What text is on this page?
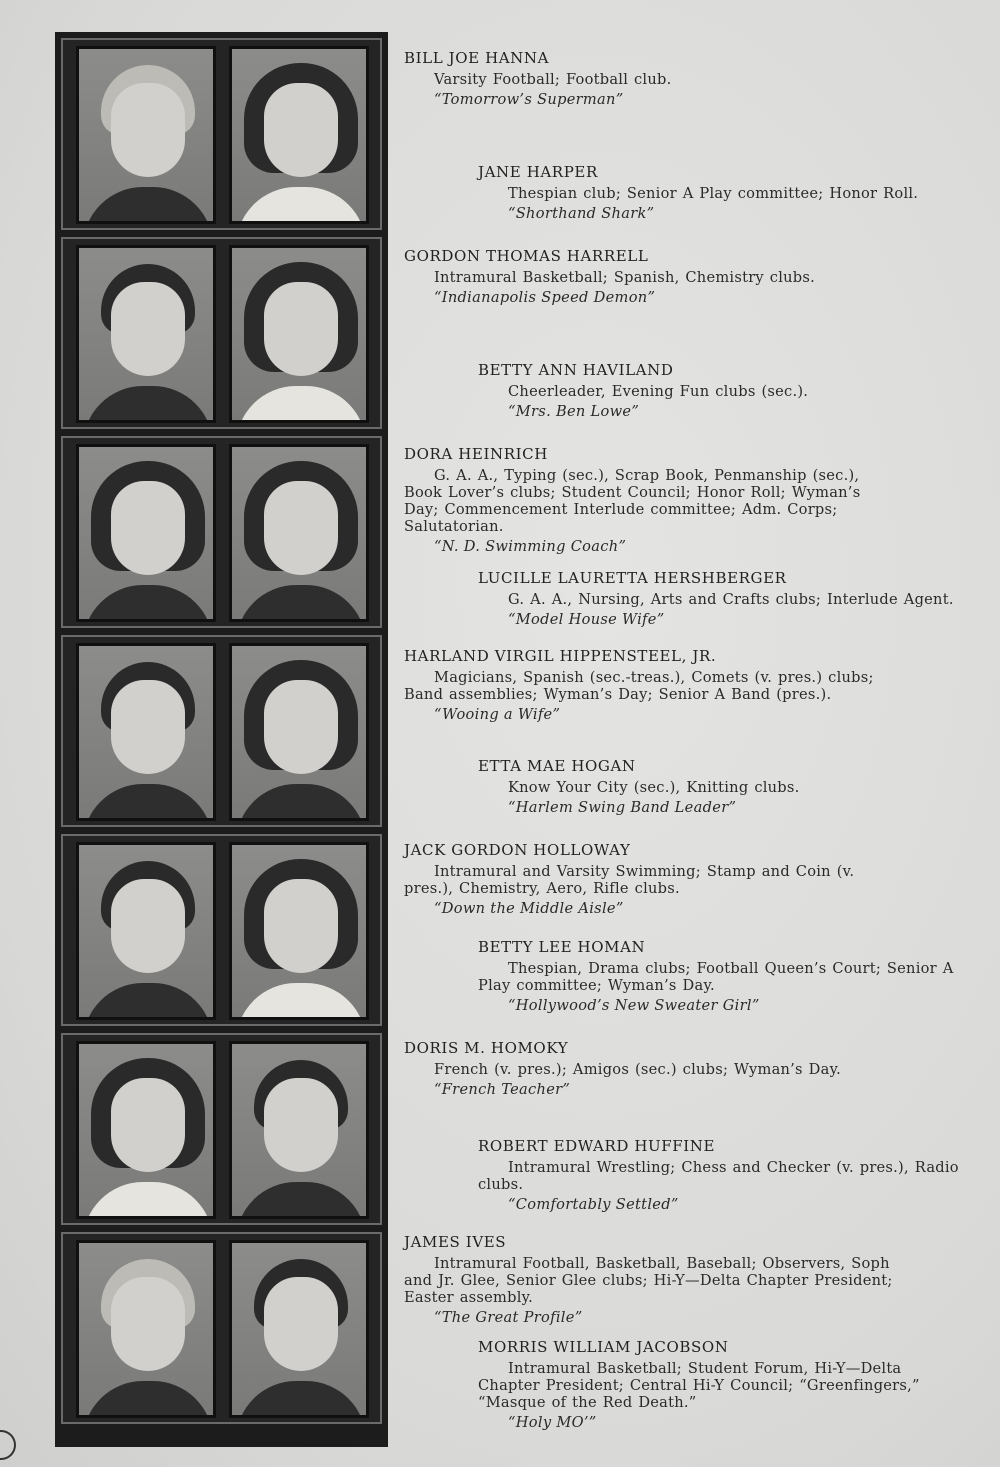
BILL JOE HANNA
Varsity Football; Football club.
“Tomorrow’s Superman”
JANE HARPER
Thespian club; Senior A Play committee; Honor Roll.
“Shorthand Shark”
GORDON THOMAS HARRELL
Intramural Basketball; Spanish, Chemistry clubs.
“Indianapolis Speed Demon”
BETTY ANN HAVILAND
Cheerleader, Evening Fun clubs (sec.).
“Mrs. Ben Lowe”
DORA HEINRICH
G. A. A., Typing (sec.), Scrap Book, Penmanship (sec.), Book Lover’s clubs; Student Council; Honor Roll; Wyman’s Day; Commencement Interlude committee; Adm. Corps; Salutatorian.
“N. D. Swimming Coach”
LUCILLE LAURETTA HERSHBERGER
G. A. A., Nursing, Arts and Crafts clubs; Interlude Agent.
“Model House Wife”
HARLAND VIRGIL HIPPENSTEEL, JR.
Magicians, Spanish (sec.-treas.), Comets (v. pres.) clubs; Band assemblies; Wyman’s Day; Senior A Band (pres.).
“Wooing a Wife”
ETTA MAE HOGAN
Know Your City (sec.), Knitting clubs.
“Harlem Swing Band Leader”
JACK GORDON HOLLOWAY
Intramural and Varsity Swimming; Stamp and Coin (v. pres.), Chemistry, Aero, Rifle clubs.
“Down the Middle Aisle”
BETTY LEE HOMAN
Thespian, Drama clubs; Football Queen’s Court; Senior A Play committee; Wyman’s Day.
“Hollywood’s New Sweater Girl”
DORIS M. HOMOKY
French (v. pres.); Amigos (sec.) clubs; Wyman’s Day.
“French Teacher”
ROBERT EDWARD HUFFINE
Intramural Wrestling; Chess and Checker (v. pres.), Radio clubs.
“Comfortably Settled”
JAMES IVES
Intramural Football, Basketball, Baseball; Observers, Soph and Jr. Glee, Senior Glee clubs; Hi-Y—Delta Chapter President; Easter assembly.
“The Great Profile”
MORRIS WILLIAM JACOBSON
Intramural Basketball; Student Forum, Hi-Y—Delta Chapter President; Central Hi-Y Council; “Greenfingers,” “Masque of the Red Death.”
“Holy MO’”
